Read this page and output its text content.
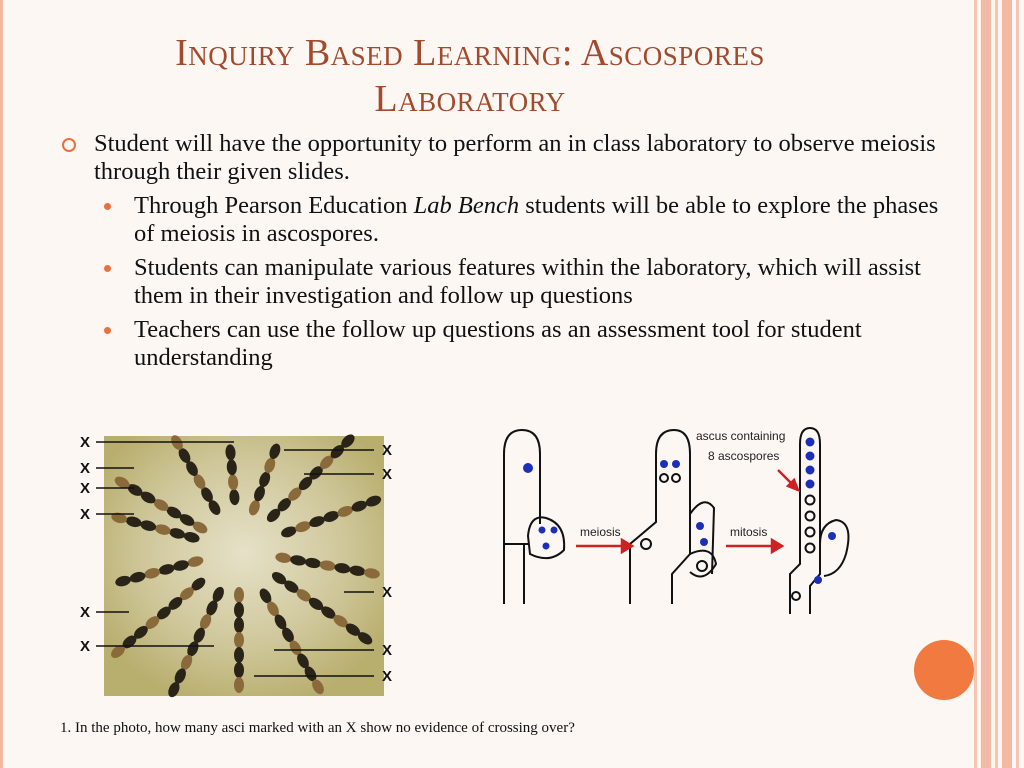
Inquiry Based Learning: Ascospores
Laboratory

Student will have the opportunity to perform an in class laboratory to observe meiosis through their given slides.

Through Pearson Education Lab Bench students will be able to explore the phases of meiosis in ascospores.
Students can manipulate various features within the laboratory, which will assist them in their investigation and follow up questions
Teachers can use the follow up questions as an assessment tool for student understanding
X
X
X
X
X
X
X
X
X
X
X
meiosis	mitosis
ascus containing
8 ascospores
1. In the photo, how many asci marked with an X show no evidence of crossing over?
